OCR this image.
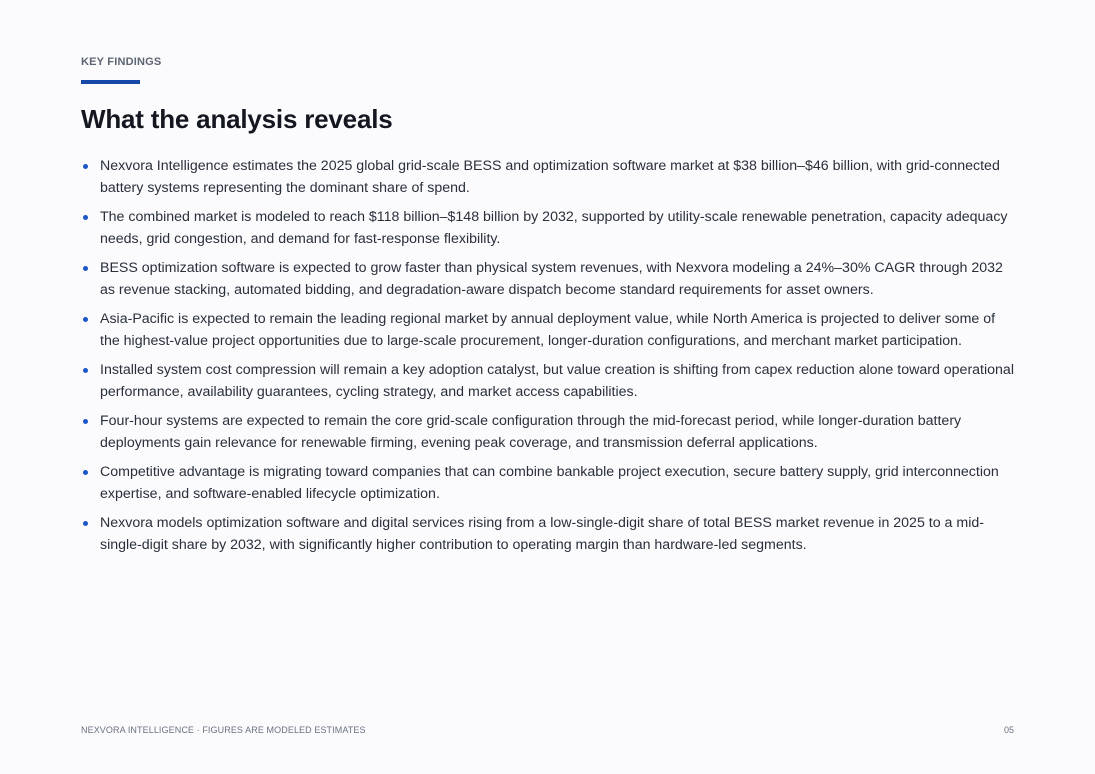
KEY FINDINGS
What the analysis reveals
Nexvora Intelligence estimates the 2025 global grid-scale BESS and optimization software market at $38 billion–$46 billion, with grid-connected battery systems representing the dominant share of spend.
The combined market is modeled to reach $118 billion–$148 billion by 2032, supported by utility-scale renewable penetration, capacity adequacy needs, grid congestion, and demand for fast-response flexibility.
BESS optimization software is expected to grow faster than physical system revenues, with Nexvora modeling a 24%–30% CAGR through 2032 as revenue stacking, automated bidding, and degradation-aware dispatch become standard requirements for asset owners.
Asia-Pacific is expected to remain the leading regional market by annual deployment value, while North America is projected to deliver some of the highest-value project opportunities due to large-scale procurement, longer-duration configurations, and merchant market participation.
Installed system cost compression will remain a key adoption catalyst, but value creation is shifting from capex reduction alone toward operational performance, availability guarantees, cycling strategy, and market access capabilities.
Four-hour systems are expected to remain the core grid-scale configuration through the mid-forecast period, while longer-duration battery deployments gain relevance for renewable firming, evening peak coverage, and transmission deferral applications.
Competitive advantage is migrating toward companies that can combine bankable project execution, secure battery supply, grid interconnection expertise, and software-enabled lifecycle optimization.
Nexvora models optimization software and digital services rising from a low-single-digit share of total BESS market revenue in 2025 to a mid-single-digit share by 2032, with significantly higher contribution to operating margin than hardware-led segments.
NEXVORA INTELLIGENCE · FIGURES ARE MODELED ESTIMATES	05
